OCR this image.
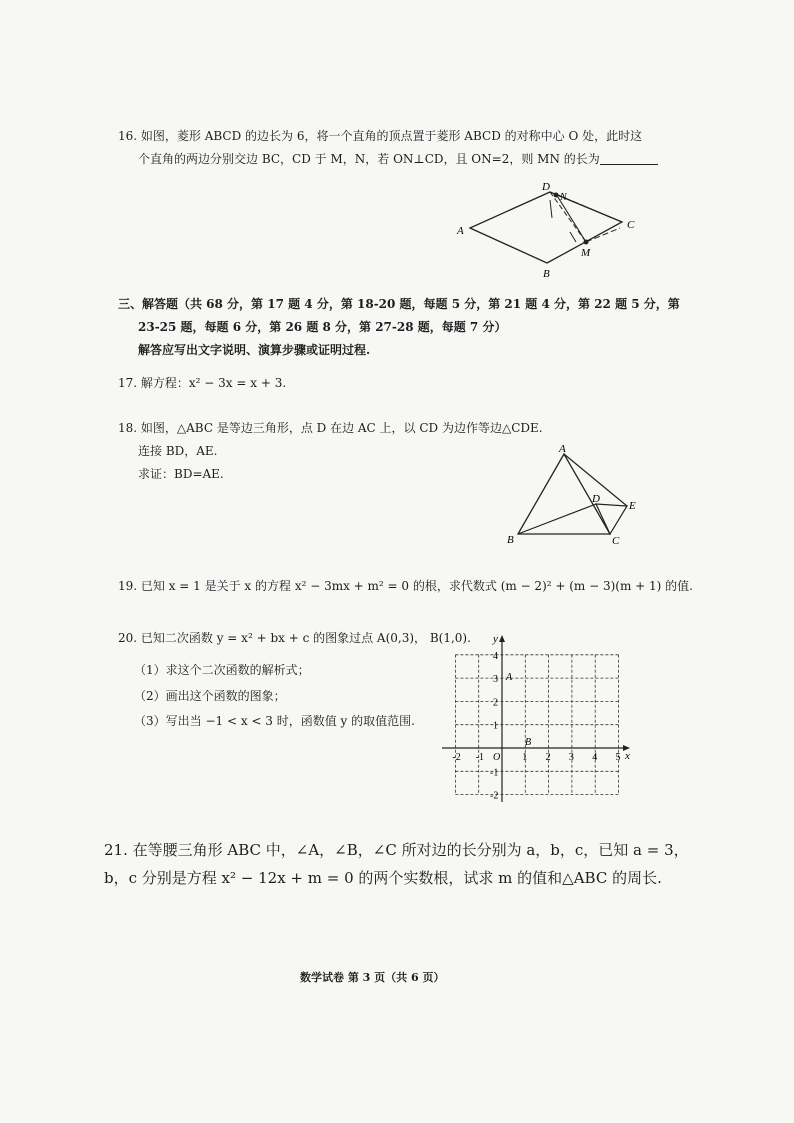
16. 如图，菱形 ABCD 的边长为 6，将一个直角的顶点置于菱形 ABCD 的对称中心 O 处，此时这
个直角的两边分别交边 BC，CD 于 M，N，若 ON⊥CD，且 ON=2，则 MN 的长为
A
B
C
D
N
M
三、解答题（共 68 分，第 17 题 4 分，第 18-20 题，每题 5 分，第 21 题 4 分，第 22 题 5 分，第
23-25 题，每题 6 分，第 26 题 8 分，第 27-28 题，每题 7 分）
解答应写出文字说明、演算步骤或证明过程.
17. 解方程：x² − 3x = x + 3.
18. 如图，△ABC 是等边三角形，点 D 在边 AC 上，以 CD 为边作等边△CDE.
连接 BD，AE.
求证：BD=AE.
A
B	C
D
E
19. 已知 x = 1 是关于 x 的方程 x² − 3mx + m² = 0 的根，求代数式 (m − 2)² + (m − 3)(m + 1) 的值.
20. 已知二次函数 y = x² + bx + c 的图象过点 A(0,3)， B(1,0).
（1）求这个二次函数的解析式；
（2）画出这个函数的图象；
（3）写出当 −1 < x < 3 时，函数值 y 的取值范围.
-2 -1	1 2 3 4 5
4
3
2
1
-1
-2
x
y
O
A
B
21. 在等腰三角形 ABC 中，∠A，∠B，∠C 所对边的长分别为 a，b，c，已知 a = 3，
b，c 分别是方程 x² − 12x + m = 0 的两个实数根，试求 m 的值和△ABC 的周长.
数学试卷 第 3 页（共 6 页）
